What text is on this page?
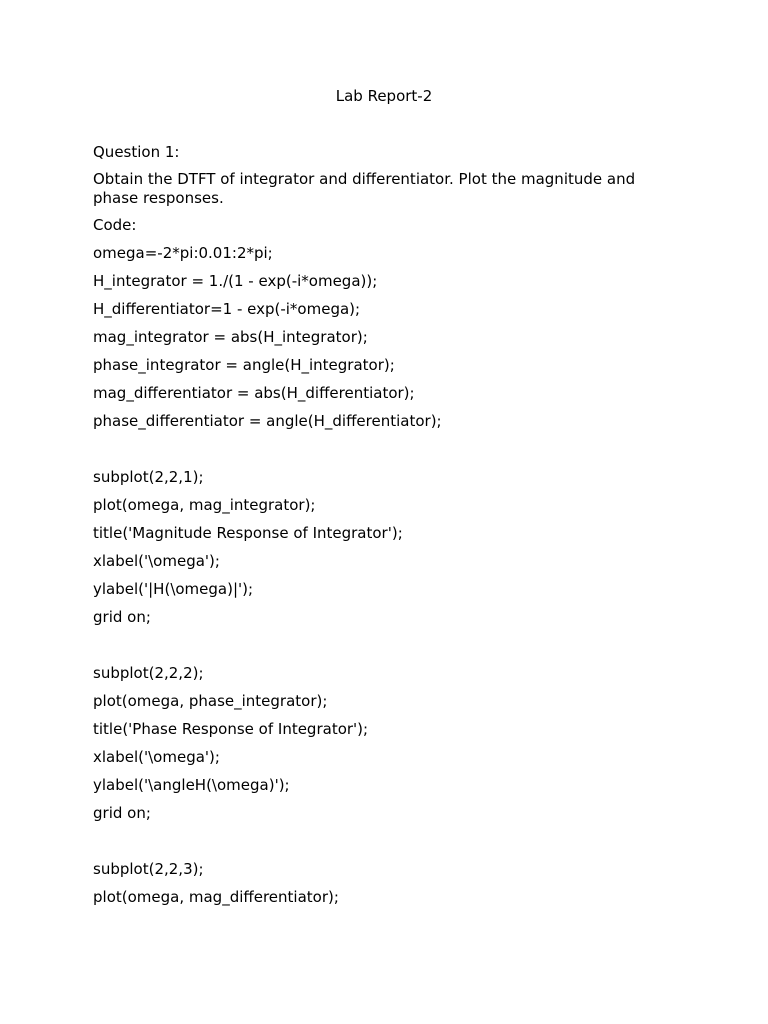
Lab Report-2
Question 1:
Obtain the DTFT of integrator and differentiator. Plot the magnitude and phase responses.
Code:
omega=-2*pi:0.01:2*pi;
H_integrator = 1./(1 - exp(-i*omega));
H_differentiator=1 - exp(-i*omega);
mag_integrator = abs(H_integrator);
phase_integrator = angle(H_integrator);
mag_differentiator = abs(H_differentiator);
phase_differentiator = angle(H_differentiator);
subplot(2,2,1);
plot(omega, mag_integrator);
title('Magnitude Response of Integrator');
xlabel('\omega');
ylabel('|H(\omega)|');
grid on;
subplot(2,2,2);
plot(omega, phase_integrator);
title('Phase Response of Integrator');
xlabel('\omega');
ylabel('\angleH(\omega)');
grid on;
subplot(2,2,3);
plot(omega, mag_differentiator);
